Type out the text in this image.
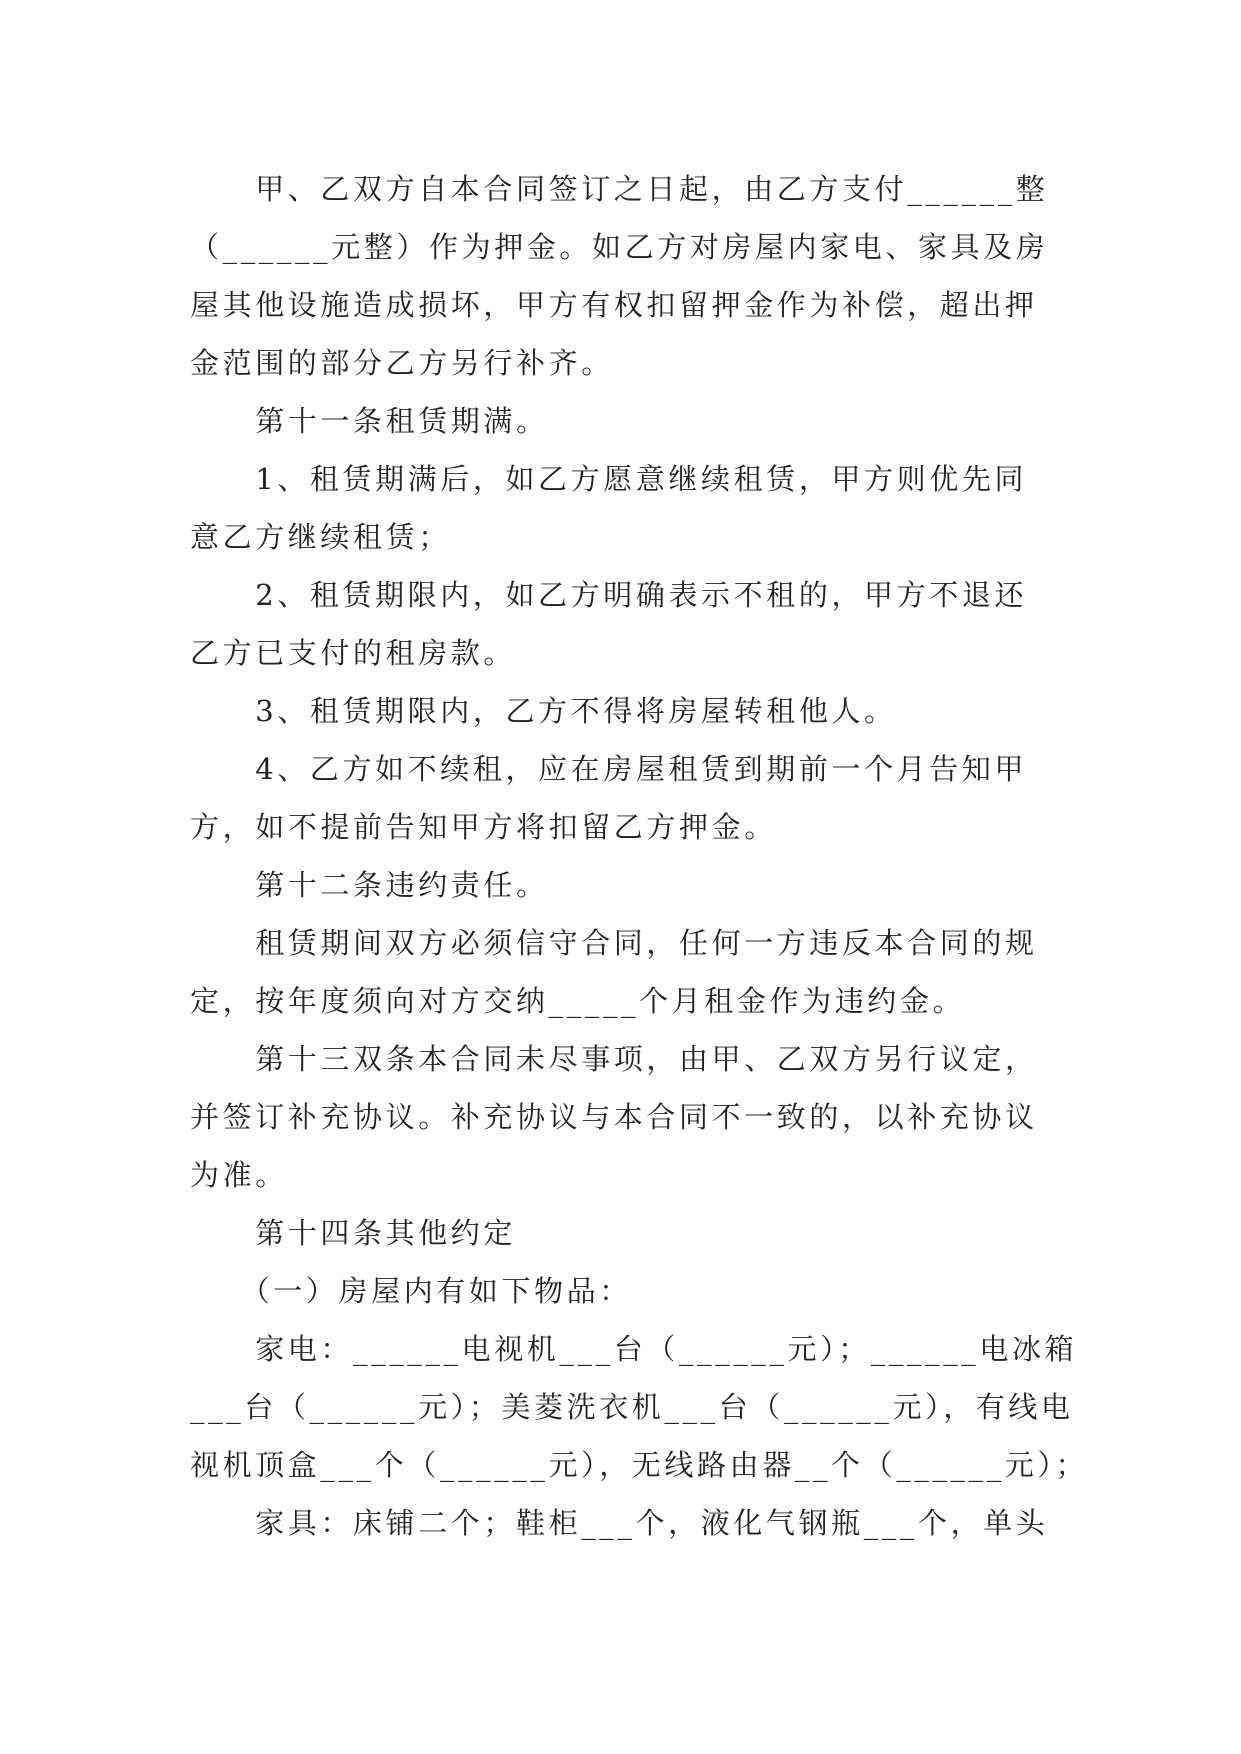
　　甲、乙双方自本合同签订之日起，由乙方支付______整

（______元整）作为押金。如乙方对房屋内家电、家具及房

屋其他设施造成损坏，甲方有权扣留押金作为补偿，超出押

金范围的部分乙方另行补齐。

　　第十一条租赁期满。

　　1、租赁期满后，如乙方愿意继续租赁，甲方则优先同

意乙方继续租赁；

　　2、租赁期限内，如乙方明确表示不租的，甲方不退还

乙方已支付的租房款。

　　3、租赁期限内，乙方不得将房屋转租他人。

　　4、乙方如不续租，应在房屋租赁到期前一个月告知甲

方，如不提前告知甲方将扣留乙方押金。

　　第十二条违约责任。

　　租赁期间双方必须信守合同，任何一方违反本合同的规

定，按年度须向对方交纳_____个月租金作为违约金。

　　第十三双条本合同未尽事项，由甲、乙双方另行议定，

并签订补充协议。补充协议与本合同不一致的，以补充协议

为准。

　　第十四条其他约定

　　（一）房屋内有如下物品：

　　家电：______电视机___台（______元）；______电冰箱

___台（______元）；美菱洗衣机___台（______元），有线电

视机顶盒___个（______元），无线路由器__个（______元）；

　　家具：床铺二个；鞋柜___个，液化气钢瓶___个，单头
